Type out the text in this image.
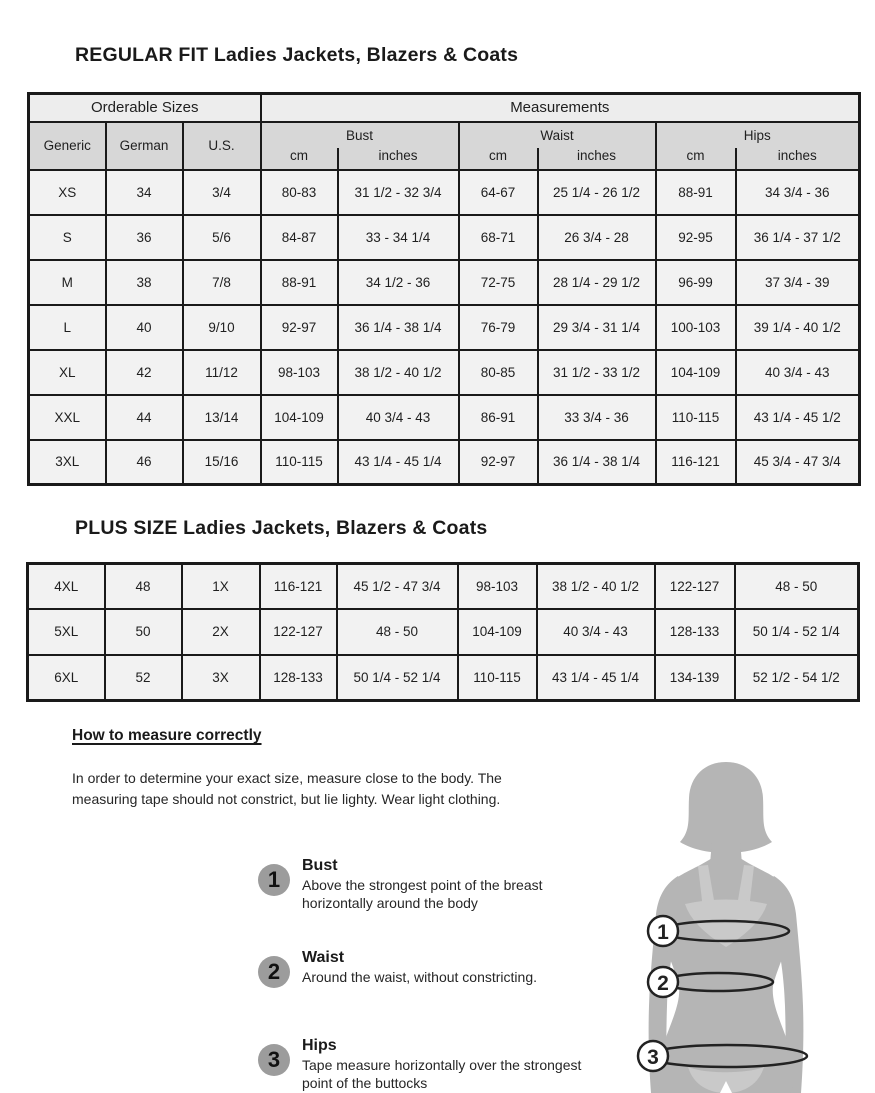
REGULAR FIT Ladies Jackets, Blazers & Coats
Orderable Sizes			Measurements					
Generic	German	U.S.	Bust		Waist		Hips	
			cm	inches	cm	inches	cm	inches
XS	34	3/4	80-83	31 1/2 - 32 3/4	64-67	25 1/4 - 26 1/2	88-91	34 3/4 - 36
S	36	5/6	84-87	33 - 34 1/4	68-71	26 3/4 - 28	92-95	36 1/4 - 37 1/2
M	38	7/8	88-91	34 1/2 - 36	72-75	28 1/4 - 29 1/2	96-99	37 3/4 - 39
L	40	9/10	92-97	36 1/4 - 38 1/4	76-79	29 3/4 - 31 1/4	100-103	39 1/4 - 40 1/2
XL	42	11/12	98-103	38 1/2 - 40 1/2	80-85	31 1/2 - 33 1/2	104-109	40 3/4 - 43
XXL	44	13/14	104-109	40 3/4 - 43	86-91	33 3/4 - 36	110-115	43 1/4 - 45 1/2
3XL	46	15/16	110-115	43 1/4 - 45 1/4	92-97	36 1/4 - 38 1/4	116-121	45 3/4 - 47 3/4
PLUS SIZE Ladies Jackets, Blazers & Coats
4XL	48	1X	116-121	45 1/2 - 47 3/4	98-103	38 1/2 - 40 1/2	122-127	48 - 50
5XL	50	2X	122-127	48 - 50	104-109	40 3/4 - 43	128-133	50 1/4 - 52 1/4
6XL	52	3X	128-133	50 1/4 - 52 1/4	110-115	43 1/4 - 45 1/4	134-139	52 1/2 - 54 1/2
How to measure correctly
In order to determine your exact size, measure close to the body. The measuring tape should not constrict, but lie lighty. Wear light clothing.
1
Bust
Above the strongest point of the breast horizontally around the body
2
Waist
Around the waist, without constricting.
3
Hips
Tape measure horizontally over the strongest point of the buttocks
1
2
3
